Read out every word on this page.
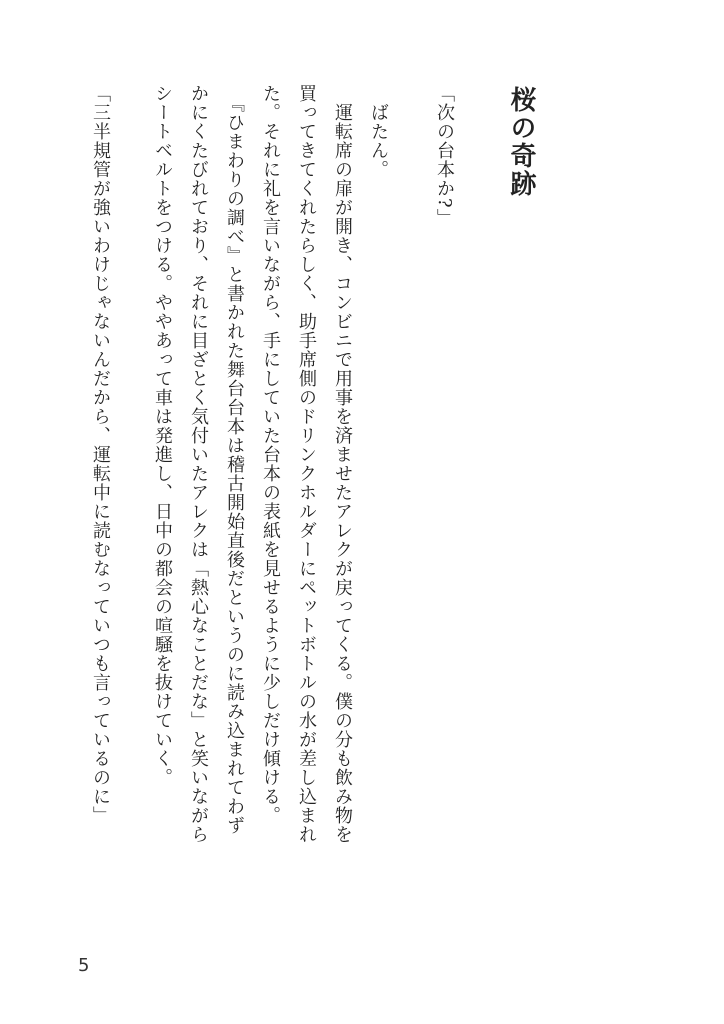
桜の奇跡
「次の台本か?」
　ばたん。
　運転席の扉が開き、コンビニで用事を済ませたアレクが戻ってくる。僕の分も飲み物を
買ってきてくれたらしく、助手席側のドリンクホルダーにペットボトルの水が差し込まれ
た。それに礼を言いながら、手にしていた台本の表紙を見せるように少しだけ傾ける。
　『ひまわりの調べ』と書かれた舞台台本は稽古開始直後だというのに読み込まれてわず
かにくたびれており、それに目ざとく気付いたアレクは「熱心なことだな」と笑いながら
シートベルトをつける。ややあって車は発進し、日中の都会の喧騒を抜けていく。
「三半規管が強いわけじゃないんだから、運転中に読むなっていつも言っているのに」
5
